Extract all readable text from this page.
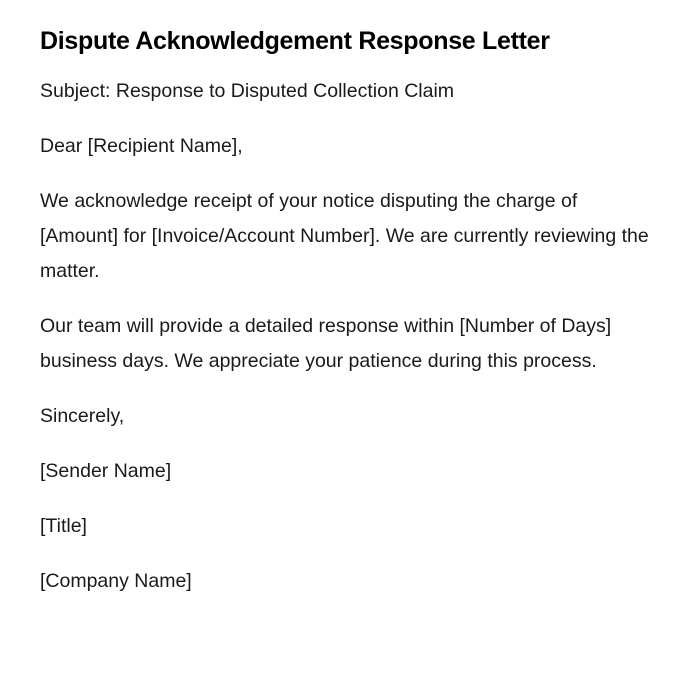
Dispute Acknowledgement Response Letter

Subject: Response to Disputed Collection Claim

Dear [Recipient Name],

We acknowledge receipt of your notice disputing the charge of [Amount] for [Invoice/Account Number]. We are currently reviewing the matter.

Our team will provide a detailed response within [Number of Days] business days. We appreciate your patience during this process.

Sincerely,

[Sender Name]

[Title]

[Company Name]
